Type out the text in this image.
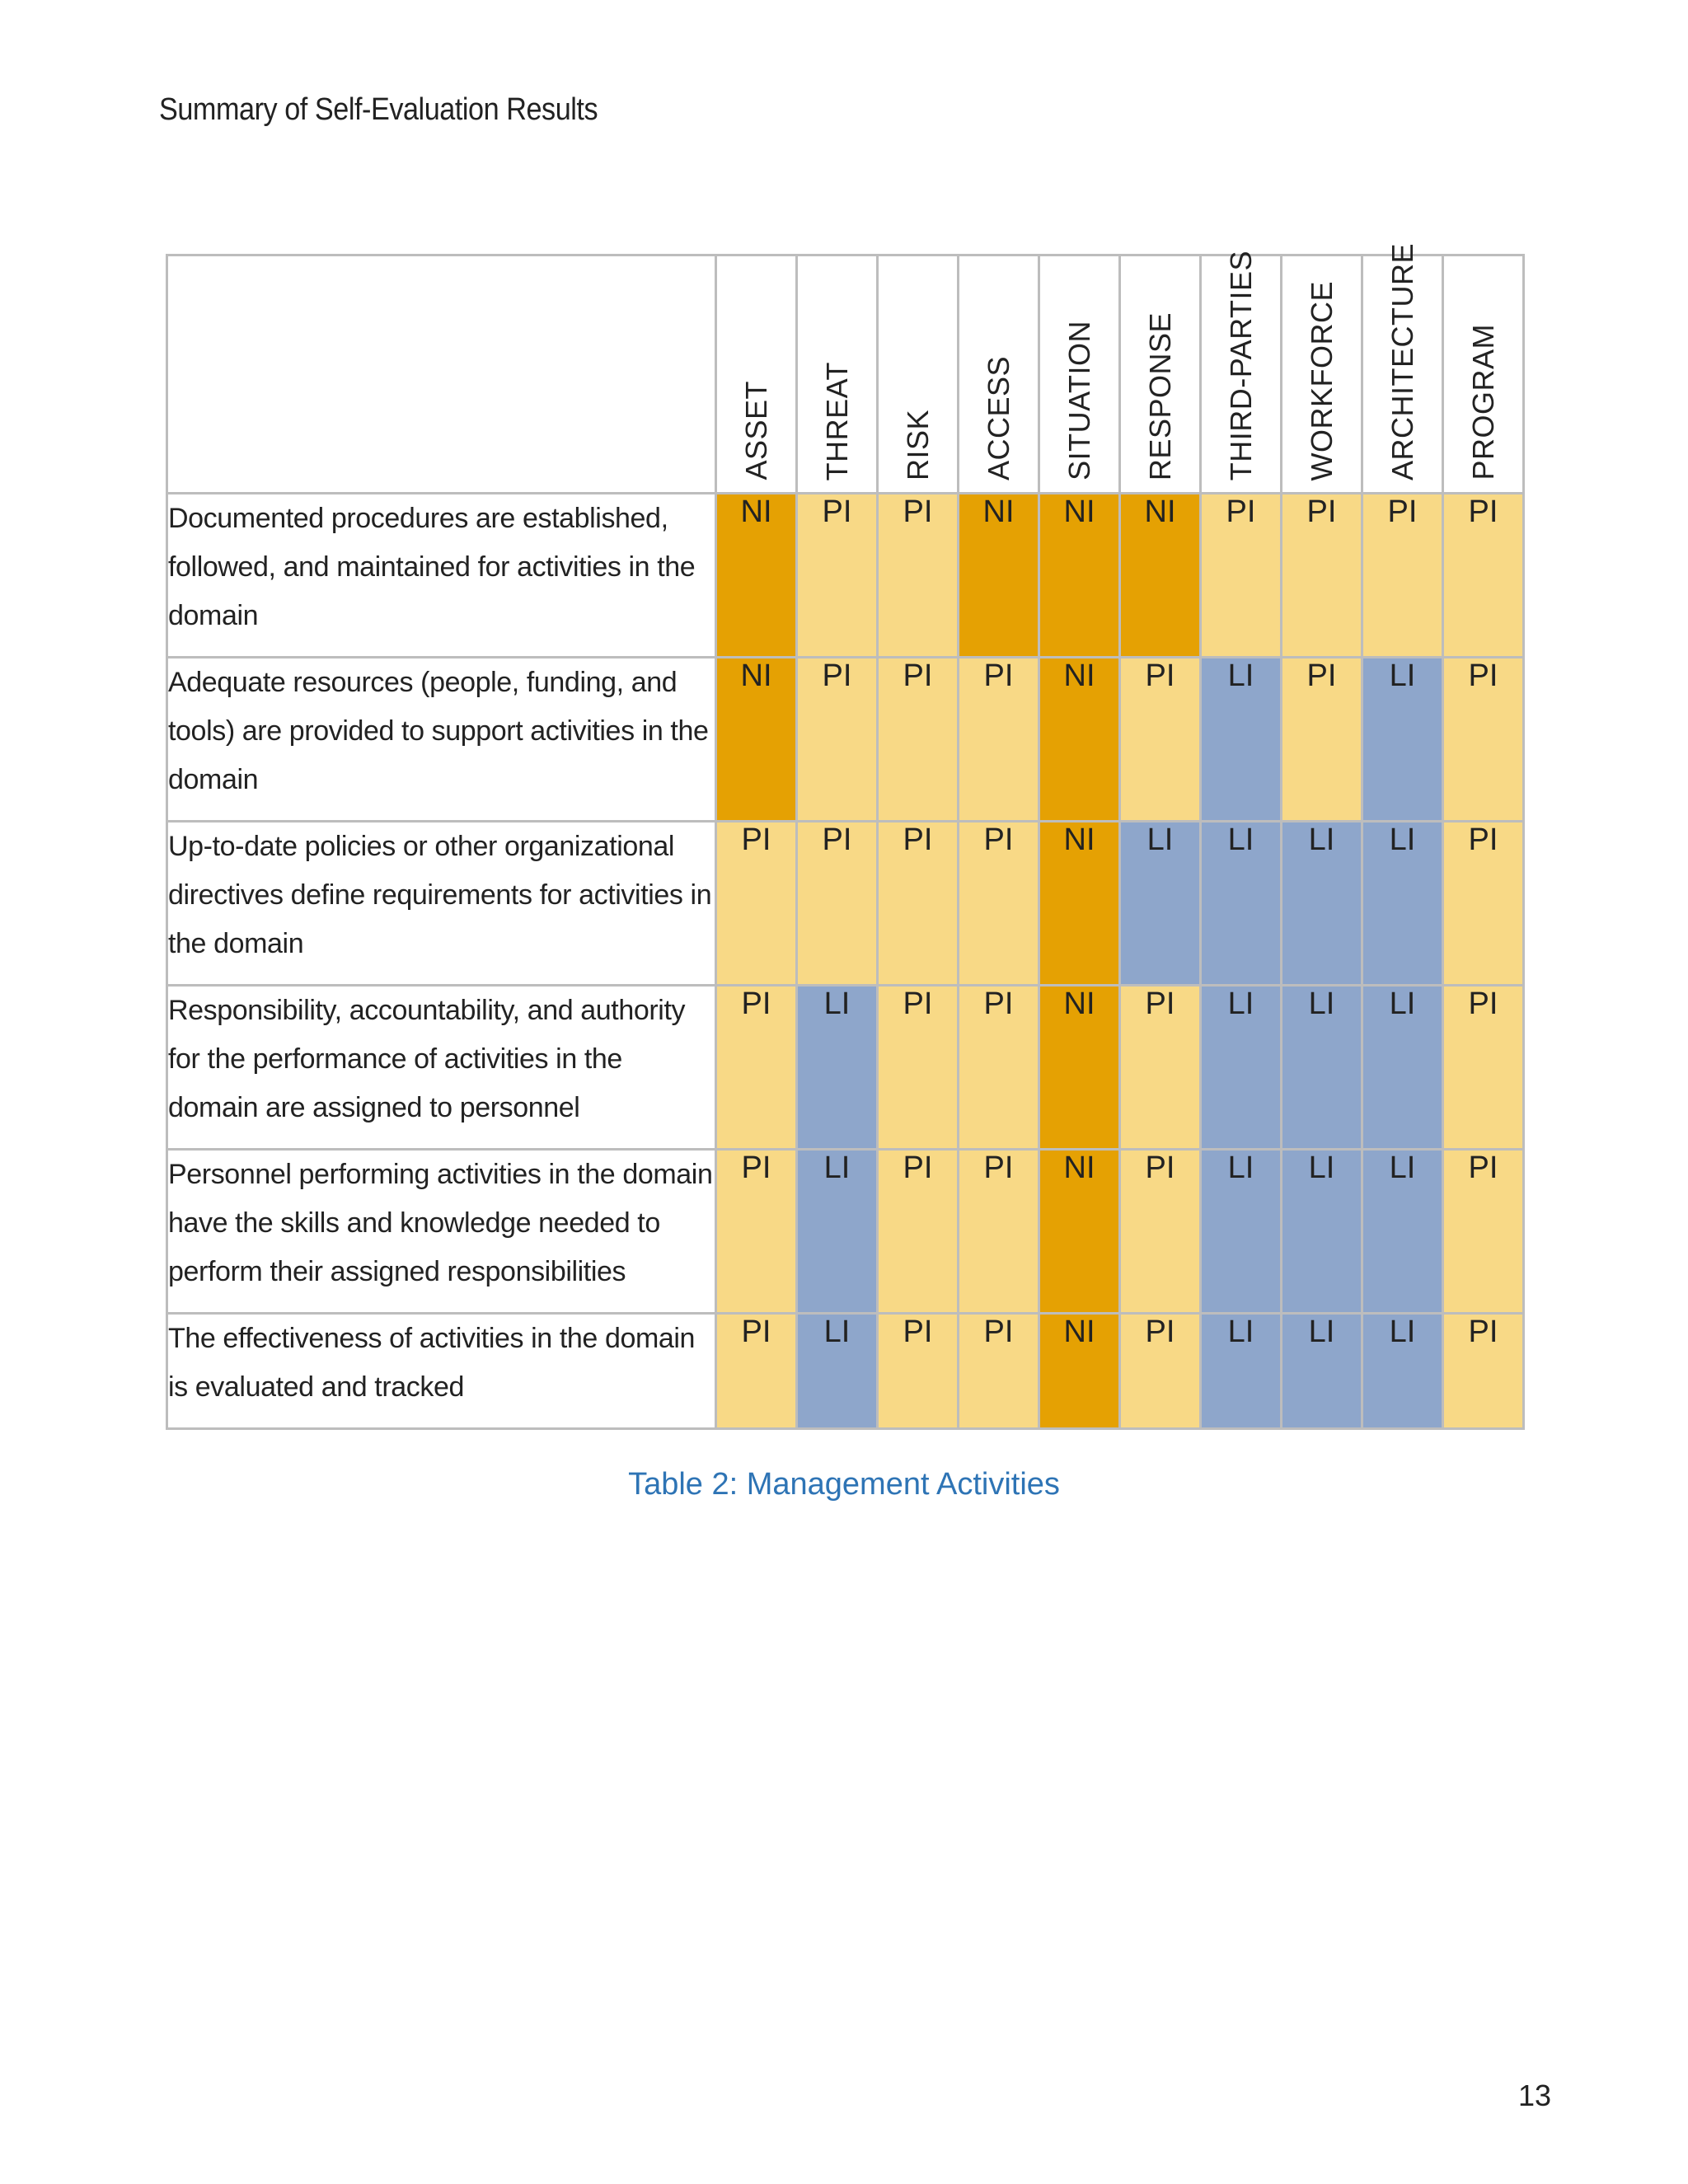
Summary of Self-Evaluation Results

	ASSET	THREAT	RISK	ACCESS	SITUATION	RESPONSE	THIRD-PARTIES	WORKFORCE	ARCHITECTURE	PROGRAM

Documented procedures are established, followed, and maintained for activities in the domain	NI	PI	PI	NI	NI	NI	PI	PI	PI	PI
Adequate resources (people, funding, and tools) are provided to support activities in the domain	NI	PI	PI	PI	NI	PI	LI	PI	LI	PI
Up-to-date policies or other organizational directives define requirements for activities in the domain	PI	PI	PI	PI	NI	LI	LI	LI	LI	PI
Responsibility, accountability, and authority for the performance of activities in the domain are assigned to personnel	PI	LI	PI	PI	NI	PI	LI	LI	LI	PI
Personnel performing activities in the domain have the skills and knowledge needed to perform their assigned responsibilities	PI	LI	PI	PI	NI	PI	LI	LI	LI	PI
The effectiveness of activities in the domain is evaluated and tracked	PI	LI	PI	PI	NI	PI	LI	LI	LI	PI
Table 2: Management Activities
13
